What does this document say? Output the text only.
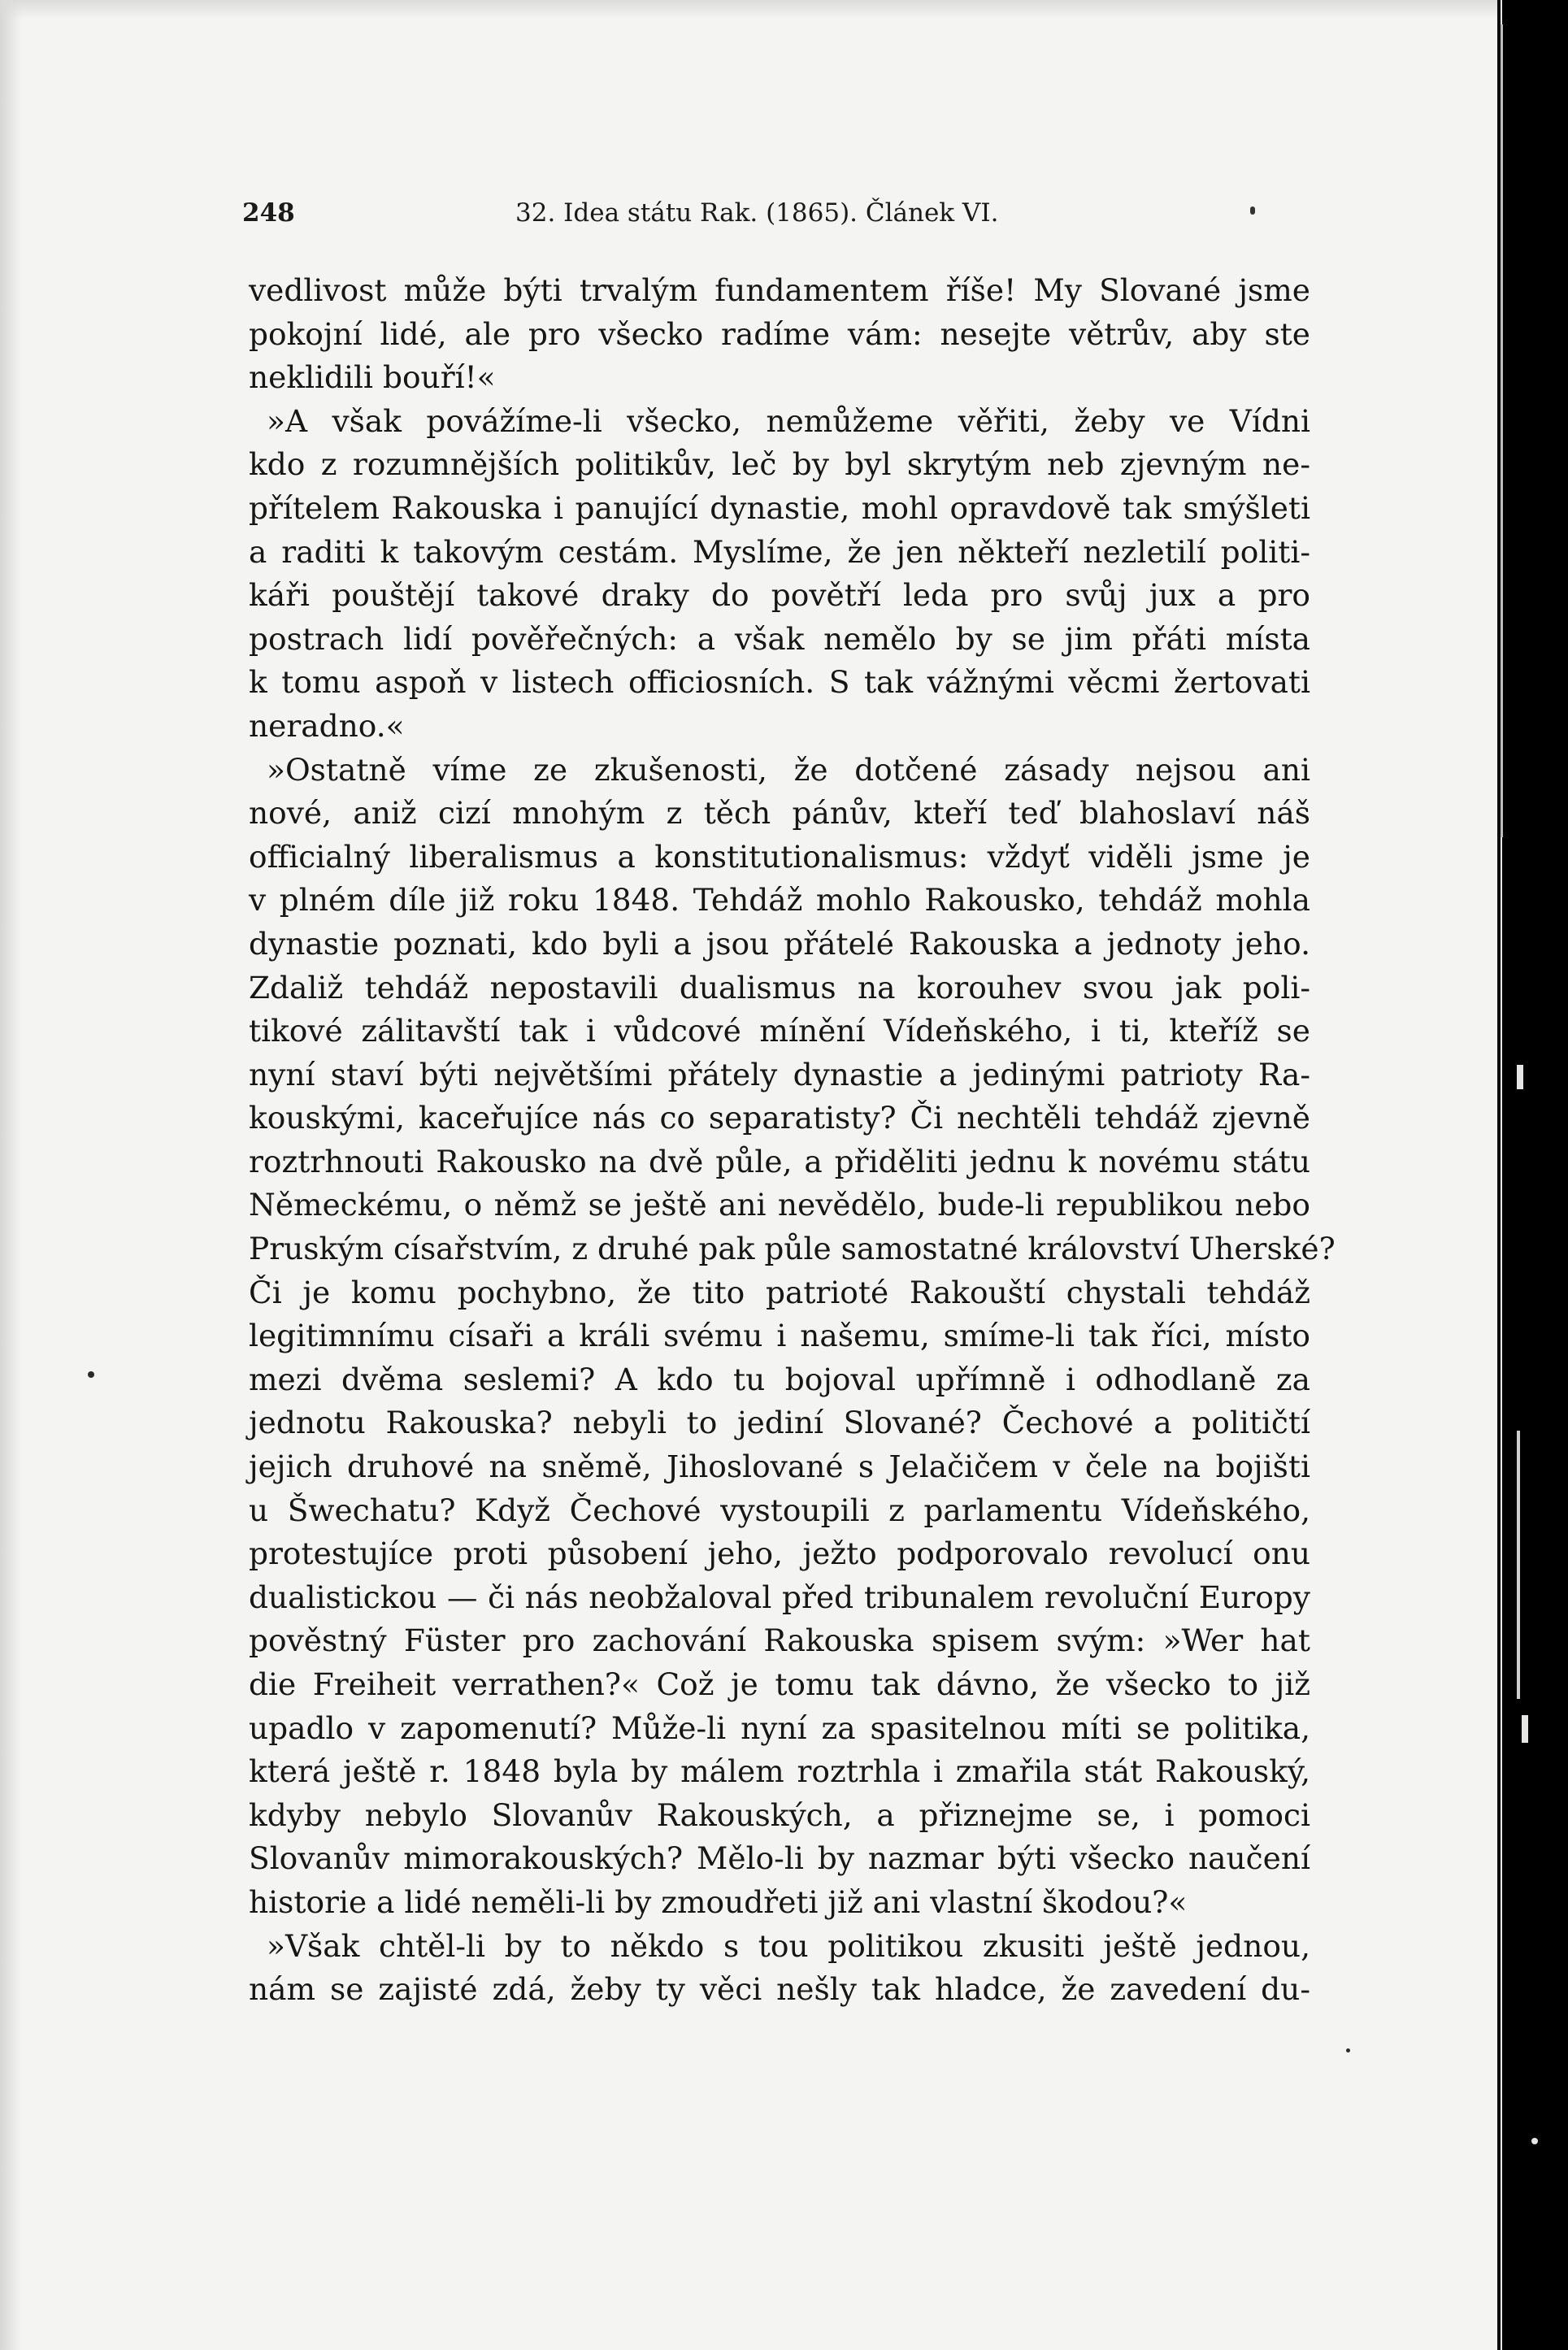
248	32. Idea státu Rak. (1865). Článek VI.
vedlivost může býti trvalým fundamentem říše! My Slované jsme
pokojní lidé, ale pro všecko radíme vám: nesejte větrův, aby ste
neklidili bouří!«
»A však povážíme-li všecko, nemůžeme věřiti, žeby ve Vídni
kdo z rozumnějších politikův, leč by byl skrytým neb zjevným ne-
přítelem Rakouska i panující dynastie, mohl opravdově tak smýšleti
a raditi k takovým cestám. Myslíme, že jen někteří nezletilí politi-
káři pouštějí takové draky do povětří leda pro svůj jux a pro
postrach lidí pověřečných: a však nemělo by se jim přáti místa
k tomu aspoň v listech officiosních. S tak vážnými věcmi žertovati
neradno.«
»Ostatně víme ze zkušenosti, že dotčené zásady nejsou ani
nové, aniž cizí mnohým z těch pánův, kteří teď blahoslaví náš
officialný liberalismus a konstitutionalismus: vždyť viděli jsme je
v plném díle již roku 1848. Tehdáž mohlo Rakousko, tehdáž mohla
dynastie poznati, kdo byli a jsou přátelé Rakouska a jednoty jeho.
Zdaliž tehdáž nepostavili dualismus na korouhev svou jak poli-
tikové zálitavští tak i vůdcové mínění Vídeňského, i ti, kteříž se
nyní staví býti největšími přátely dynastie a jedinými patrioty Ra-
kouskými, kaceřujíce nás co separatisty? Či nechtěli tehdáž zjevně
roztrhnouti Rakousko na dvě půle, a přiděliti jednu k novému státu
Německému, o němž se ještě ani nevědělo, bude-li republikou nebo
Pruským císařstvím, z druhé pak půle samostatné království Uherské?
Či je komu pochybno, že tito patrioté Rakouští chystali tehdáž
legitimnímu císaři a králi svému i našemu, smíme-li tak říci, místo
mezi dvěma seslemi? A kdo tu bojoval upřímně i odhodlaně za
jednotu Rakouska? nebyli to jediní Slované? Čechové a političtí
jejich druhové na sněmě, Jihoslované s Jelačičem v čele na bojišti
u Šwechatu? Když Čechové vystoupili z parlamentu Vídeňského,
protestujíce proti působení jeho, ježto podporovalo revolucí onu
dualistickou — či nás neobžaloval před tribunalem revoluční Europy
pověstný Füster pro zachování Rakouska spisem svým: »Wer hat
die Freiheit verrathen?« Což je tomu tak dávno, že všecko to již
upadlo v zapomenutí? Může-li nyní za spasitelnou míti se politika,
která ještě r. 1848 byla by málem roztrhla i zmařila stát Rakouský,
kdyby nebylo Slovanův Rakouských, a přiznejme se, i pomoci
Slovanův mimorakouských? Mělo-li by nazmar býti všecko naučení
historie a lidé neměli-li by zmoudřeti již ani vlastní škodou?«
»Však chtěl-li by to někdo s tou politikou zkusiti ještě jednou,
nám se zajisté zdá, žeby ty věci nešly tak hladce, že zavedení du-
